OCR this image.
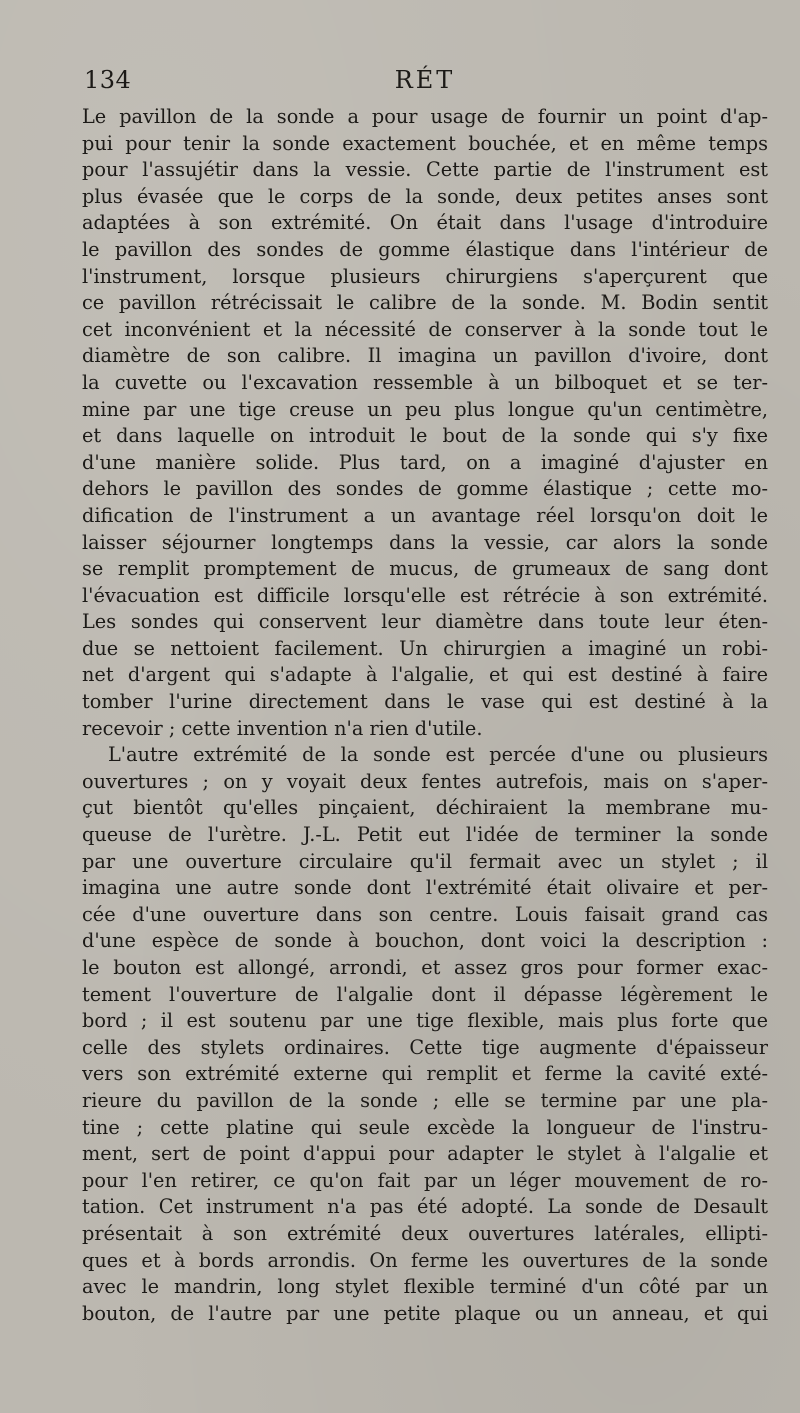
134	RÉT
Le pavillon de la sonde a pour usage de fournir un point d'ap-
pui pour tenir la sonde exactement bouchée, et en même temps
pour l'assujétir dans la vessie. Cette partie de l'instrument est
plus évasée que le corps de la sonde, deux petites anses sont
adaptées à son extrémité. On était dans l'usage d'introduire
le pavillon des sondes de gomme élastique dans l'intérieur de
l'instrument, lorsque plusieurs chirurgiens s'aperçurent que
ce pavillon rétrécissait le calibre de la sonde. M. Bodin sentit
cet inconvénient et la nécessité de conserver à la sonde tout le
diamètre de son calibre. Il imagina un pavillon d'ivoire, dont
la cuvette ou l'excavation ressemble à un bilboquet et se ter-
mine par une tige creuse un peu plus longue qu'un centimètre,
et dans laquelle on introduit le bout de la sonde qui s'y fixe
d'une manière solide. Plus tard, on a imaginé d'ajuster en
dehors le pavillon des sondes de gomme élastique ; cette mo-
dification de l'instrument a un avantage réel lorsqu'on doit le
laisser séjourner longtemps dans la vessie, car alors la sonde
se remplit promptement de mucus, de grumeaux de sang dont
l'évacuation est difficile lorsqu'elle est rétrécie à son extrémité.
Les sondes qui conservent leur diamètre dans toute leur éten-
due se nettoient facilement. Un chirurgien a imaginé un robi-
net d'argent qui s'adapte à l'algalie, et qui est destiné à faire
tomber l'urine directement dans le vase qui est destiné à la
recevoir ; cette invention n'a rien d'utile.
L'autre extrémité de la sonde est percée d'une ou plusieurs
ouvertures ; on y voyait deux fentes autrefois, mais on s'aper-
çut bientôt qu'elles pinçaient, déchiraient la membrane mu-
queuse de l'urètre. J.-L. Petit eut l'idée de terminer la sonde
par une ouverture circulaire qu'il fermait avec un stylet ; il
imagina une autre sonde dont l'extrémité était olivaire et per-
cée d'une ouverture dans son centre. Louis faisait grand cas
d'une espèce de sonde à bouchon, dont voici la description :
le bouton est allongé, arrondi, et assez gros pour former exac-
tement l'ouverture de l'algalie dont il dépasse légèrement le
bord ; il est soutenu par une tige flexible, mais plus forte que
celle des stylets ordinaires. Cette tige augmente d'épaisseur
vers son extrémité externe qui remplit et ferme la cavité exté-
rieure du pavillon de la sonde ; elle se termine par une pla-
tine ; cette platine qui seule excède la longueur de l'instru-
ment, sert de point d'appui pour adapter le stylet à l'algalie et
pour l'en retirer, ce qu'on fait par un léger mouvement de ro-
tation. Cet instrument n'a pas été adopté. La sonde de Desault
présentait à son extrémité deux ouvertures latérales, ellipti-
ques et à bords arrondis. On ferme les ouvertures de la sonde
avec le mandrin, long stylet flexible terminé d'un côté par un
bouton, de l'autre par une petite plaque ou un anneau, et qui
